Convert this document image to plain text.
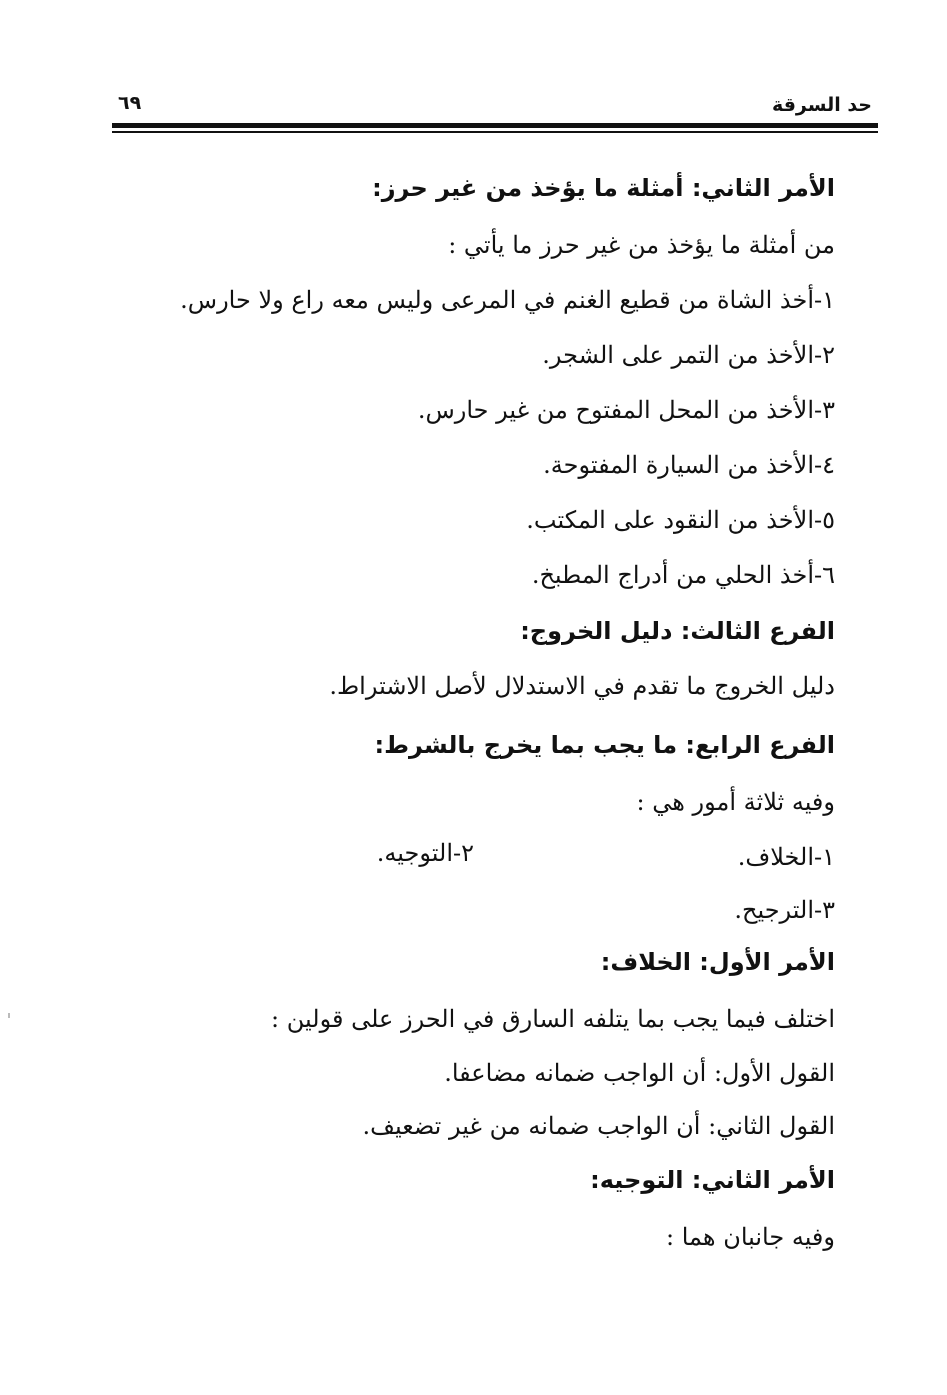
حد السرقة
٦٩
الأمر الثاني: أمثلة ما يؤخذ من غير حرز:
من أمثلة ما يؤخذ من غير حرز ما يأتي :
١-أخذ الشاة من قطيع الغنم في المرعى وليس معه راع ولا حارس.
٢-الأخذ من التمر على الشجر.
٣-الأخذ من المحل المفتوح من غير حارس.
٤-الأخذ من السيارة المفتوحة.
٥-الأخذ من النقود على المكتب.
٦-أخذ الحلي من أدراج المطبخ.
الفرع الثالث: دليل الخروج:
دليل الخروج ما تقدم في الاستدلال لأصل الاشتراط.
الفرع الرابع: ما يجب بما يخرج بالشرط:
وفيه ثلاثة أمور هي :
١-الخلاف.
٢-التوجيه.
٣-الترجيح.
الأمر الأول: الخلاف:
اختلف فيما يجب بما يتلفه السارق في الحرز على قولين :
القول الأول: أن الواجب ضمانه مضاعفا.
القول الثاني: أن الواجب ضمانه من غير تضعيف.
الأمر الثاني: التوجيه:
وفيه جانبان هما :
